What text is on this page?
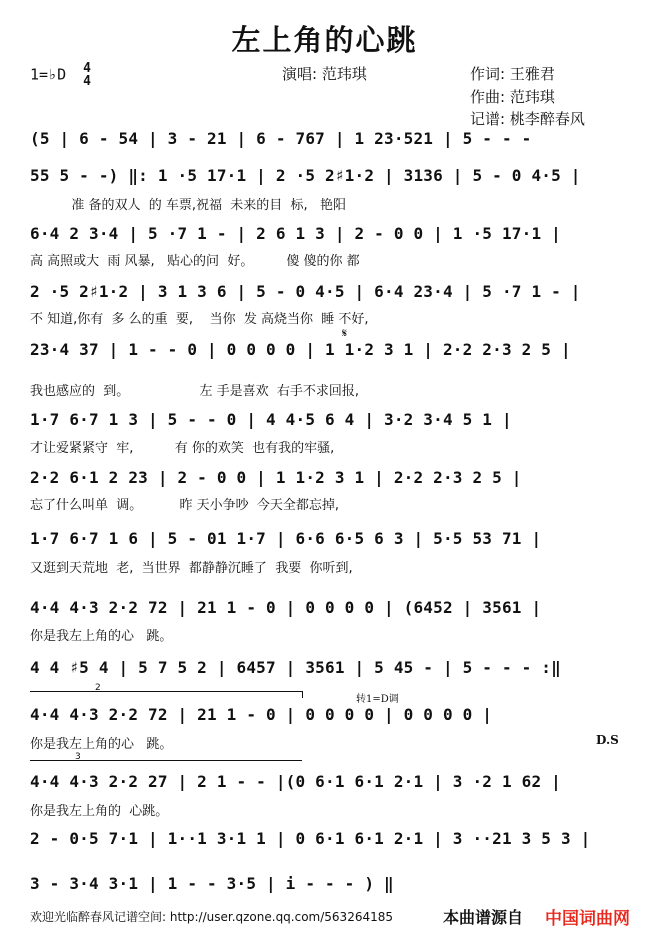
左上角的心跳
1=♭D 4
4	演唱: 范玮琪	作词: 王雅君
作曲: 范玮琪
记谱: 桃李醉春风
(5 | 6 - 54 | 3 - 21 | 6 - 767 | 1 23·521 | 5 - - -
55 5 - -) ‖: 1 ·5 17·1 | 2 ·5 2♯1·2 | 3136 | 5 - 0 4·5 |
准 备的双人  的 车票,祝福  未来的目  标,   艳阳
6·4 2 3·4 | 5 ·7 1 - | 2 6 1 3 | 2 - 0 0 | 1 ·5 17·1 |
高 高照或大  雨 风暴,   贴心的问  好。        傻 傻的你 都
2 ·5 2♯1·2 | 3 1 3 6 | 5 - 0 4·5 | 6·4 23·4 | 5 ·7 1 - |
不 知道,你有  多 么的重  要,    当你  发 高烧当你  睡 不好,
𝄋
23·4 37 | 1 - - 0 | 0 0 0 0 | 1 1·2 3 1 | 2·2 2·3 2 5 |
我也感应的  到。                 左 手是喜欢  右手不求回报,
1·7 6·7 1 3 | 5 - - 0 | 4 4·5 6 4 | 3·2 3·4 5 1 |
才让爱紧紧守  牢,          有 你的欢笑  也有我的牢骚,
2·2 6·1 2 23 | 2 - 0 0 | 1 1·2 3 1 | 2·2 2·3 2 5 |
忘了什么叫单  调。         昨 天小争吵  今天全都忘掉,
1·7 6·7 1 6 | 5 - 01 1·7 | 6·6 6·5 6 3 | 5·5 53 71 |
又逛到天荒地  老,  当世界  都静静沉睡了  我要  你听到,
4·4 4·3 2·2 72 | 21 1 - 0 | 0 0 0 0 | (6452 | 3561 |
你是我左上角的心   跳。
4 4 ♯5 4 | 5 7 5 2 | 6457 | 3561 | 5 45 - | 5 - - - :‖
2
转1=D调
4·4 4·3 2·2 72 | 21 1 - 0 | 0 0 0 0 | 0 0 0 0 |
你是我左上角的心   跳。	D.S
3
4·4 4·3 2·2 27 | 2 1 - - |(0 6·1 6·1 2·1 | 3 ·2 1 62 |
你是我左上角的  心跳。
2 - 0·5 7·1 | 1··1 3·1 1 | 0 6·1 6·1 2·1 | 3 ··21 3 5 3 |
3 - 3·4 3·1 | 1 - - 3·5 | i - - - ) ‖
欢迎光临醉春风记谱空间: http://user.qzone.qq.com/563264185	本曲谱源自 中国词曲网
